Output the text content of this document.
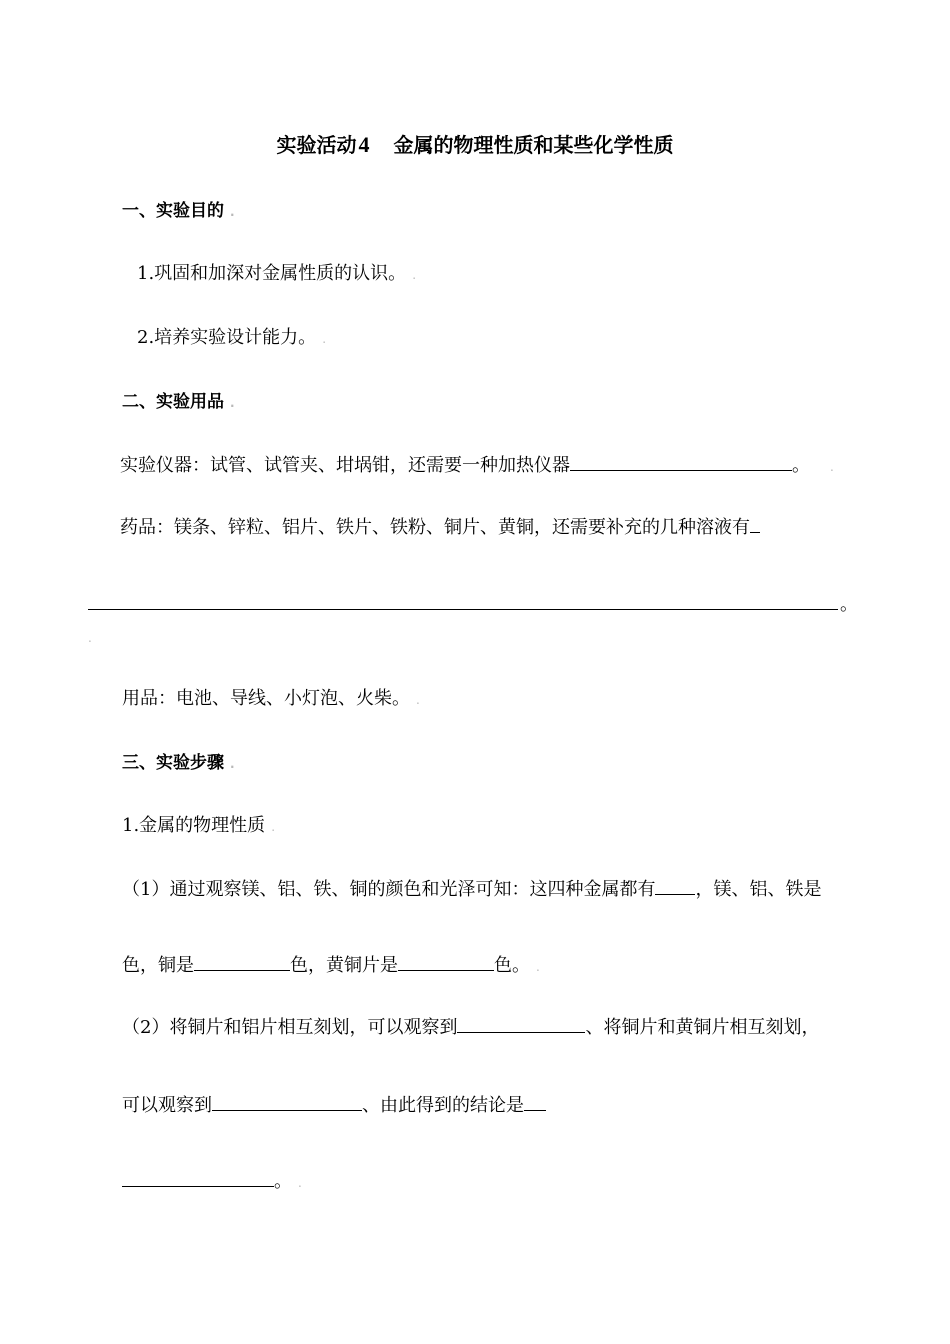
实验活动4 金属的物理性质和某些化学性质
一、实验目的 .
1.巩固和加深对金属性质的认识。 .
2.培养实验设计能力。 .
二、实验用品 .
实验仪器：试管、试管夹、坩埚钳，还需要一种加热仪器	。 .
药品：镁条、锌粒、铝片、铁片、铁粉、铜片、黄铜，还需要补充的几种溶液有
。
.
用品：电池、导线、小灯泡、火柴。 .
三、实验步骤 .
1.金属的物理性质 .
（1）通过观察镁、铝、铁、铜的颜色和光泽可知：这四种金属都有 ，镁、铝、铁是
色，铜是	色，黄铜片是	色。 .
（2）将铜片和铝片相互刻划，可以观察到	、将铜片和黄铜片相互刻划，
可以观察到	、由此得到的结论是
。 .
